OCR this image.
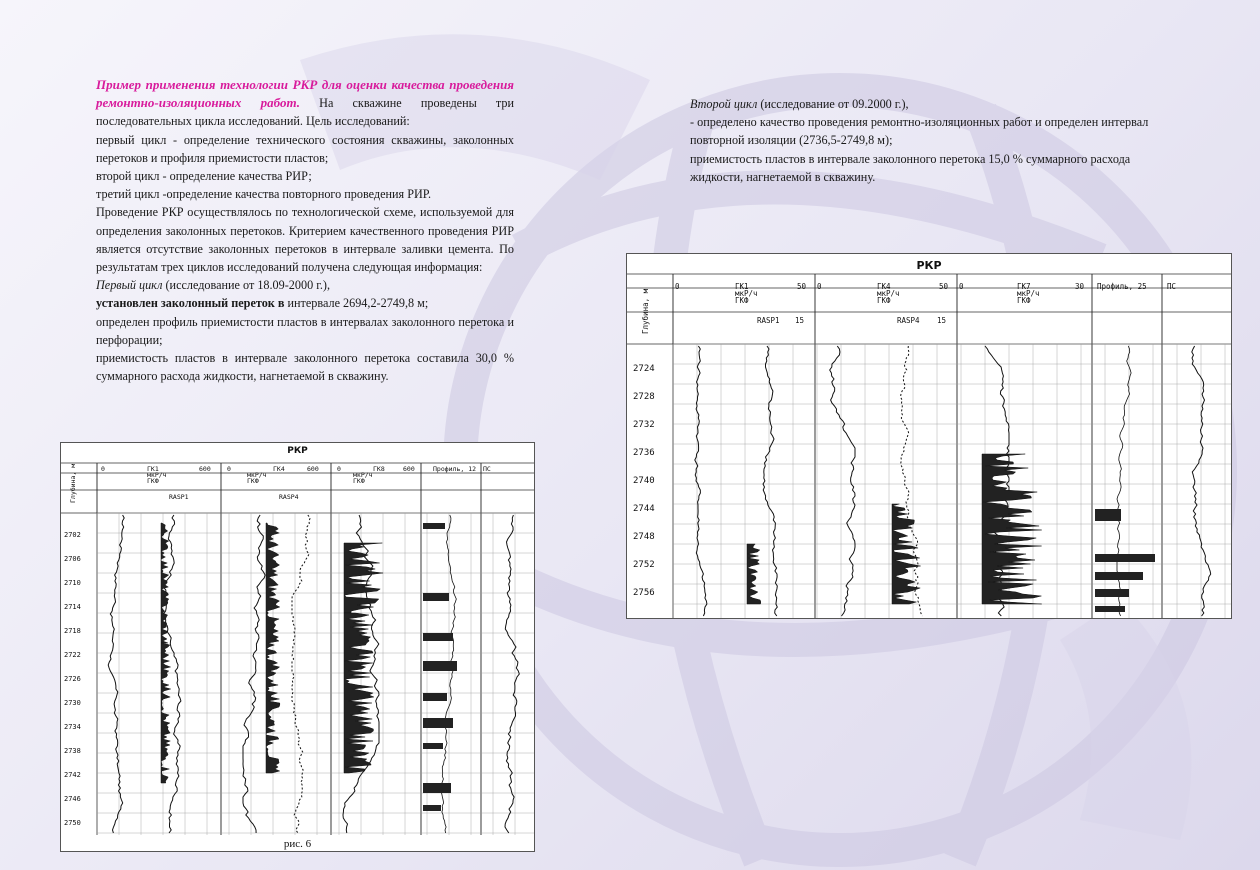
Пример применения технологии РКР для оценки качества проведения ремонтно-изоляционных работ. На скважине проведены три последовательных цикла исследований. Цель исследований:

первый цикл - определение технического состояния скважины, заколонных перетоков и профиля приемистости пластов;

второй цикл - определение качества РИР;

третий цикл -определение качества повторного проведения РИР.

Проведение РКР осуществлялось по технологической схеме, используемой для определения заколонных перетоков. Критерием качественного проведения РИР является отсутствие заколонных перетоков в интервале заливки цемента. По результатам трех циклов исследований получена следующая информация:

Первый цикл (исследование от 18.09-2000 г.),

установлен заколонный переток в интервале 2694,2-2749,8 м;

определен профиль приемистости пластов в интервалах заколонного перетока и перфорации;

приемистость пластов в интервале заколонного перетока составила 30,0 % суммарного расхода жидкости, нагнетаемой в скважину.

Второй цикл (исследование от 09.2000 г.),

- определено качество проведения ремонтно-изоляционных работ и определен интервал повторной изоляции (2736,5-2749,8 м);

приемистость пластов в интервале заколонного перетока 15,0 % суммарного расхода жидкости, нагнетаемой в скважину.

РКР
рис. 6
Глубина, м	0	ГК1	600	0	ГК4	600	0	ГК8	600	Профиль, 12 ПС
ГКФ	ГКФ	ГКФ
RASP1	RASP4
мкР/ч	мкР/ч	мкР/ч
2702
2706
2710
2714
2718
2722
2726
2730
2734
2738
2742
2746
2750
РКР
Глубина, м
0	ГК1	50 0	ГК4	50 0	ГК7	30 Профиль, 25	ПС
ГКФ	ГКФ	ГКФ
RASP1	RASP4
мкР/ч	мкР/ч	мкР/ч
15	15
2724
2728
2732
2736
2740
2744
2748
2752
2756
